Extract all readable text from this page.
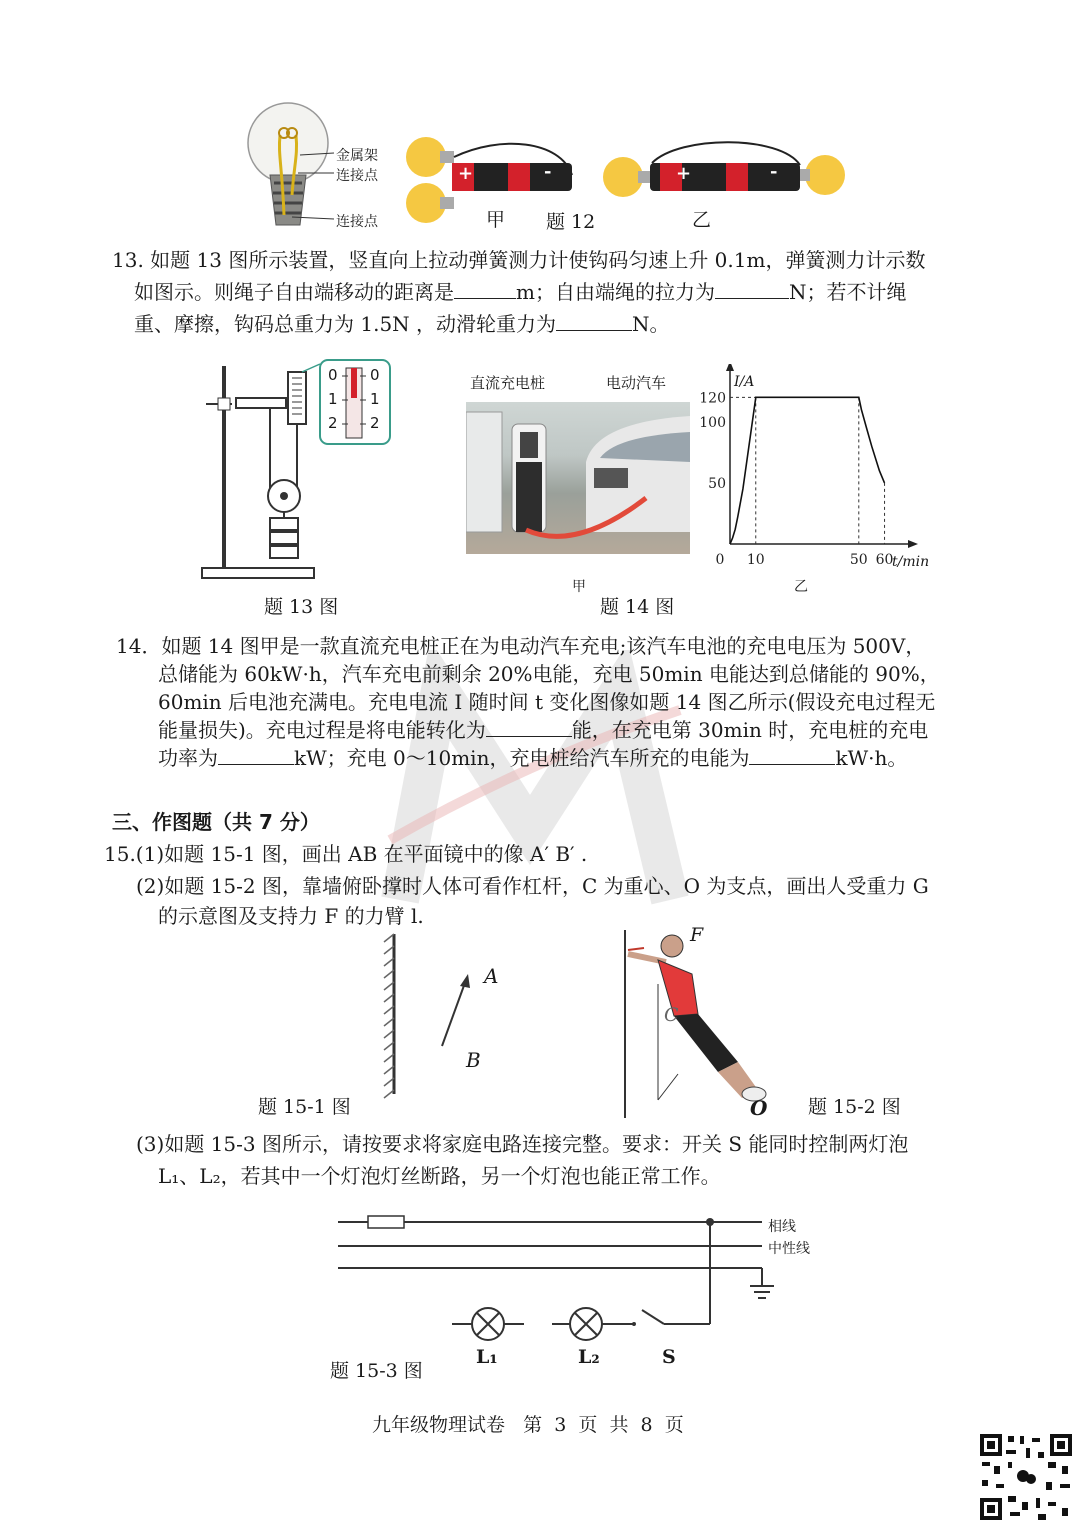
金属架
连接点
连接点
+	-	+	-
甲 题 12	乙
13. 如题 13 图所示装置，竖直向上拉动弹簧测力计使钩码匀速上升 0.1m，弹簧测力计示数
如图示。则绳子自由端移动的距离是	m；自由端绳的拉力为	N；若不计绳
重、摩擦，钩码总重力为 1.5N ，动滑轮重力为	N。
0
1
2
0
1
2
题 13 图
直流充电桩	电动汽车
甲
题 14 图
50
100
120
0 10	50 60
I/A
t/min
乙
14．如题 14 图甲是一款直流充电桩正在为电动汽车充电;该汽车电池的充电电压为 500V，
总储能为 60kW·h，汽车充电前剩余 20%电能，充电 50min 电能达到总储能的 90%，
60min 后电池充满电。充电电流 I 随时间 t 变化图像如题 14 图乙所示(假设充电过程无
能量损失)。充电过程是将电能转化为	能，在充电第 30min 时，充电桩的充电
功率为	kW；充电 0～10min，充电桩给汽车所充的电能为	kW·h。
三、作图题（共 7 分）
15.(1)如题 15-1 图，画出 AB 在平面镜中的像 A′ B′ .
(2)如题 15-2 图，靠墙俯卧撑时人体可看作杠杆，C 为重心、O 为支点，画出人受重力 G
的示意图及支持力 F 的力臂 l.
A
B
题 15-1 图
F
C
O 题 15-2 图
(3)如题 15-3 图所示，请按要求将家庭电路连接完整。要求：开关 S 能同时控制两灯泡
L₁、L₂，若其中一个灯泡灯丝断路，另一个灯泡也能正常工作。
相线
中性线
L₁	L₂	S
题 15-3 图
九年级物理试卷   第  3  页  共  8  页
